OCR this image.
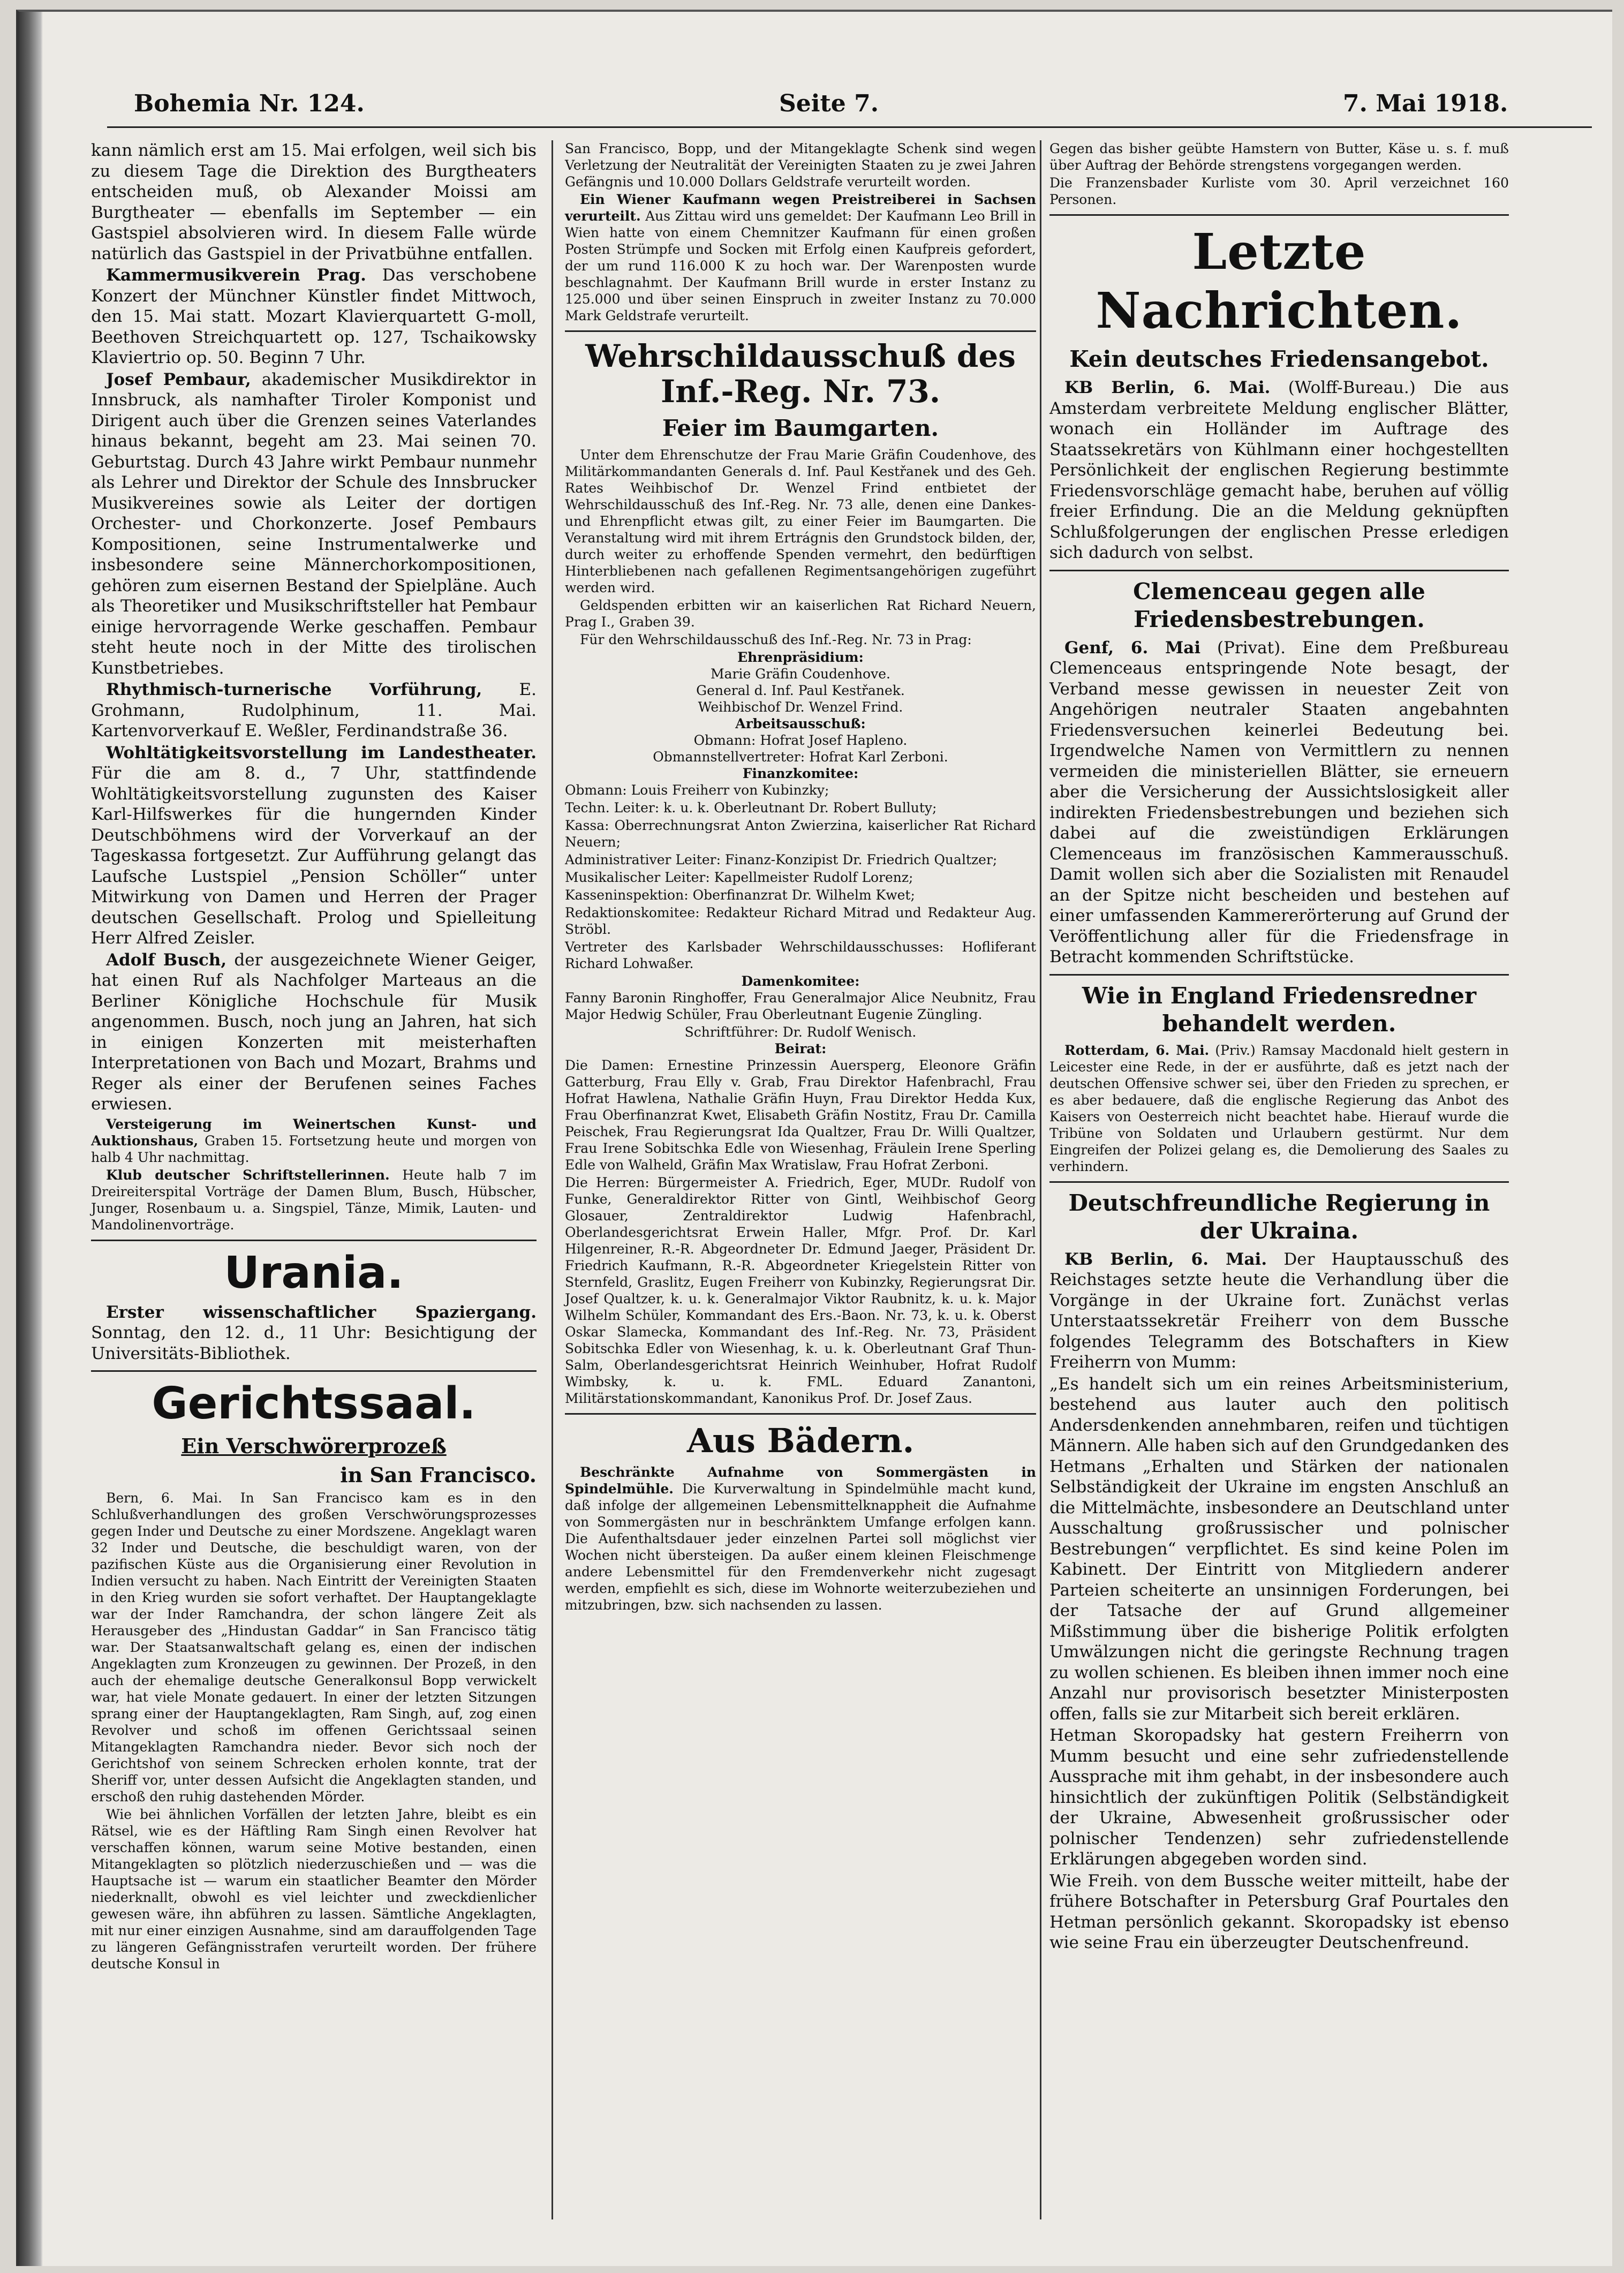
Bohemia Nr. 124.	Seite 7.	7. Mai 1918.

kann nämlich erst am 15. Mai erfolgen, weil sich bis zu diesem Tage die Direktion des Burgtheaters entscheiden muß, ob Alexander Moissi am Burgtheater — ebenfalls im September — ein Gastspiel absolvieren wird. In diesem Falle würde natürlich das Gastspiel in der Privatbühne entfallen.

Kammermusikverein Prag. Das verschobene Konzert der Münchner Künstler findet Mittwoch, den 15. Mai statt. Mozart Klavierquartett G-moll, Beethoven Streichquartett op. 127, Tschaikowsky Klaviertrio op. 50. Beginn 7 Uhr.

Josef Pembaur, akademischer Musikdirektor in Innsbruck, als namhafter Tiroler Komponist und Dirigent auch über die Grenzen seines Vaterlandes hinaus bekannt, begeht am 23. Mai seinen 70. Geburtstag. Durch 43 Jahre wirkt Pembaur nunmehr als Lehrer und Direktor der Schule des Innsbrucker Musikvereines sowie als Leiter der dortigen Orchester- und Chorkonzerte. Josef Pembaurs Kompositionen, seine Instrumentalwerke und insbesondere seine Männerchorkompositionen, gehören zum eisernen Bestand der Spielpläne. Auch als Theoretiker und Musikschriftsteller hat Pembaur einige hervorragende Werke geschaffen. Pembaur steht heute noch in der Mitte des tirolischen Kunstbetriebes.

Rhythmisch-turnerische Vorführung, E. Grohmann, Rudolphinum, 11. Mai. Kartenvorverkauf E. Weßler, Ferdinandstraße 36.

Wohltätigkeitsvorstellung im Landestheater. Für die am 8. d., 7 Uhr, stattfindende Wohltätigkeitsvorstellung zugunsten des Kaiser Karl-Hilfswerkes für die hungernden Kinder Deutschböhmens wird der Vorverkauf an der Tageskassa fortgesetzt. Zur Aufführung gelangt das Laufsche Lustspiel „Pension Schöller“ unter Mitwirkung von Damen und Herren der Prager deutschen Gesellschaft. Prolog und Spielleitung Herr Alfred Zeisler.

Adolf Busch, der ausgezeichnete Wiener Geiger, hat einen Ruf als Nachfolger Marteaus an die Berliner Königliche Hochschule für Musik angenommen. Busch, noch jung an Jahren, hat sich in einigen Konzerten mit meisterhaften Interpretationen von Bach und Mozart, Brahms und Reger als einer der Berufenen seines Faches erwiesen.

Versteigerung im Weinertschen Kunst- und Auktionshaus, Graben 15. Fortsetzung heute und morgen von halb 4 Uhr nachmittag.

Klub deutscher Schriftstellerinnen. Heute halb 7 im Dreireiterspital Vorträge der Damen Blum, Busch, Hübscher, Junger, Rosenbaum u. a. Singspiel, Tänze, Mimik, Lauten- und Mandolinenvorträge.

Urania.

Erster wissenschaftlicher Spaziergang. Sonntag, den 12. d., 11 Uhr: Besichtigung der Universitäts-Bibliothek.

Gerichtssaal.
Ein Verschwörerprozeß
in San Francisco.

Bern, 6. Mai. In San Francisco kam es in den Schlußverhandlungen des großen Verschwörungsprozesses gegen Inder und Deutsche zu einer Mordszene. Angeklagt waren 32 Inder und Deutsche, die beschuldigt waren, von der pazifischen Küste aus die Organisierung einer Revolution in Indien versucht zu haben. Nach Eintritt der Vereinigten Staaten in den Krieg wurden sie sofort verhaftet. Der Hauptangeklagte war der Inder Ramchandra, der schon längere Zeit als Herausgeber des „Hindustan Gaddar“ in San Francisco tätig war. Der Staatsanwaltschaft gelang es, einen der indischen Angeklagten zum Kronzeugen zu gewinnen. Der Prozeß, in den auch der ehemalige deutsche Generalkonsul Bopp verwickelt war, hat viele Monate gedauert. In einer der letzten Sitzungen sprang einer der Hauptangeklagten, Ram Singh, auf, zog einen Revolver und schoß im offenen Gerichtssaal seinen Mitangeklagten Ramchandra nieder. Bevor sich noch der Gerichtshof von seinem Schrecken erholen konnte, trat der Sheriff vor, unter dessen Aufsicht die Angeklagten standen, und erschoß den ruhig dastehenden Mörder.

Wie bei ähnlichen Vorfällen der letzten Jahre, bleibt es ein Rätsel, wie es der Häftling Ram Singh einen Revolver hat verschaffen können, warum seine Motive bestanden, einen Mitangeklagten so plötzlich niederzuschießen und — was die Hauptsache ist — warum ein staatlicher Beamter den Mörder niederknallt, obwohl es viel leichter und zweckdienlicher gewesen wäre, ihn abführen zu lassen. Sämtliche Angeklagten, mit nur einer einzigen Ausnahme, sind am darauffolgenden Tage zu längeren Gefängnisstrafen verurteilt worden. Der frühere deutsche Konsul in

San Francisco, Bopp, und der Mitangeklagte Schenk sind wegen Verletzung der Neutralität der Vereinigten Staaten zu je zwei Jahren Gefängnis und 10.000 Dollars Geldstrafe verurteilt worden.

Ein Wiener Kaufmann wegen Preistreiberei in Sachsen verurteilt. Aus Zittau wird uns gemeldet: Der Kaufmann Leo Brill in Wien hatte von einem Chemnitzer Kaufmann für einen großen Posten Strümpfe und Socken mit Erfolg einen Kaufpreis gefordert, der um rund 116.000 K zu hoch war. Der Warenposten wurde beschlagnahmt. Der Kaufmann Brill wurde in erster Instanz zu 125.000 und über seinen Einspruch in zweiter Instanz zu 70.000 Mark Geldstrafe verurteilt.

Wehrschildausschuß des Inf.-Reg. Nr. 73.
Feier im Baumgarten.

Unter dem Ehrenschutze der Frau Marie Gräfin Coudenhove, des Militärkommandanten Generals d. Inf. Paul Kestřanek und des Geh. Rates Weihbischof Dr. Wenzel Frind entbietet der Wehrschildausschuß des Inf.-Reg. Nr. 73 alle, denen eine Dankes- und Ehrenpflicht etwas gilt, zu einer Feier im Baumgarten. Die Veranstaltung wird mit ihrem Ertrágnis den Grundstock bilden, der, durch weiter zu erhoffende Spenden vermehrt, den bedürftigen Hinterbliebenen nach gefallenen Regimentsangehörigen zugeführt werden wird.

Geldspenden erbitten wir an kaiserlichen Rat Richard Neuern, Prag I., Graben 39.

Für den Wehrschildausschuß des Inf.-Reg. Nr. 73 in Prag:

Ehrenpräsidium:
Marie Gräfin Coudenhove.
General d. Inf. Paul Kestřanek.
Weihbischof Dr. Wenzel Frind.
Arbeitsausschuß:
Obmann: Hofrat Josef Hapleno.
Obmannstellvertreter: Hofrat Karl Zerboni.
Finanzkomitee:
Obmann: Louis Freiherr von Kubinzky;
Techn. Leiter: k. u. k. Oberleutnant Dr. Robert Bulluty;
Kassa: Oberrechnungsrat Anton Zwierzina, kaiserlicher Rat Richard Neuern;
Administrativer Leiter: Finanz-Konzipist Dr. Friedrich Qualtzer;
Musikalischer Leiter: Kapellmeister Rudolf Lorenz;
Kasseninspektion: Oberfinanzrat Dr. Wilhelm Kwet;
Redaktionskomitee: Redakteur Richard Mitrad und Redakteur Aug. Ströbl.
Vertreter des Karlsbader Wehrschildausschusses: Hofliferant Richard Lohwaßer.
Damenkomitee:
Fanny Baronin Ringhoffer, Frau Generalmajor Alice Neubnitz, Frau Major Hedwig Schüler, Frau Oberleutnant Eugenie Züngling.
Schriftführer: Dr. Rudolf Wenisch.
Beirat:
Die Damen: Ernestine Prinzessin Auersperg, Eleonore Gräfin Gatterburg, Frau Elly v. Grab, Frau Direktor Hafenbrachl, Frau Hofrat Hawlena, Nathalie Gräfin Huyn, Frau Direktor Hedda Kux, Frau Oberfinanzrat Kwet, Elisabeth Gräfin Nostitz, Frau Dr. Camilla Peischek, Frau Regierungsrat Ida Qualtzer, Frau Dr. Willi Qualtzer, Frau Irene Sobitschka Edle von Wiesenhag, Fräulein Irene Sperling Edle von Walheld, Gräfin Max Wratislaw, Frau Hofrat Zerboni.
Die Herren: Bürgermeister A. Friedrich, Eger, MUDr. Rudolf von Funke, Generaldirektor Ritter von Gintl, Weihbischof Georg Glosauer, Zentraldirektor Ludwig Hafenbrachl, Oberlandesgerichtsrat Erwein Haller, Mfgr. Prof. Dr. Karl Hilgenreiner, R.-R. Abgeordneter Dr. Edmund Jaeger, Präsident Dr. Friedrich Kaufmann, R.-R. Abgeordneter Kriegelstein Ritter von Sternfeld, Graslitz, Eugen Freiherr von Kubinzky, Regierungsrat Dir. Josef Qualtzer, k. u. k. Generalmajor Viktor Raubnitz, k. u. k. Major Wilhelm Schüler, Kommandant des Ers.-Baon. Nr. 73, k. u. k. Oberst Oskar Slamecka, Kommandant des Inf.-Reg. Nr. 73, Präsident Sobitschka Edler von Wiesenhag, k. u. k. Oberleutnant Graf Thun-Salm, Oberlandesgerichtsrat Heinrich Weinhuber, Hofrat Rudolf Wimbsky, k. u. k. FML. Eduard Zanantoni, Militärstationskommandant, Kanonikus Prof. Dr. Josef Zaus.
Aus Bädern.

Beschränkte Aufnahme von Sommergästen in Spindelmühle. Die Kurverwaltung in Spindelmühle macht kund, daß infolge der allgemeinen Lebensmittelknappheit die Aufnahme von Sommergästen nur in beschränktem Umfange erfolgen kann. Die Aufenthaltsdauer jeder einzelnen Partei soll möglichst vier Wochen nicht übersteigen. Da außer einem kleinen Fleischmenge andere Lebensmittel für den Fremdenverkehr nicht zugesagt werden, empfiehlt es sich, diese im Wohnorte weiterzubeziehen und mitzubringen, bzw. sich nachsenden zu lassen.

Gegen das bisher geübte Hamstern von Butter, Käse u. s. f. muß über Auftrag der Behörde strengstens vorgegangen werden.

Die Franzensbader Kurliste vom 30. April verzeichnet 160 Personen.

Letzte Nachrichten.
Kein deutsches Friedensangebot.

KB Berlin, 6. Mai. (Wolff-Bureau.) Die aus Amsterdam verbreitete Meldung englischer Blätter, wonach ein Holländer im Auftrage des Staatssekretärs von Kühlmann einer hochgestellten Persönlichkeit der englischen Regierung bestimmte Friedensvorschläge gemacht habe, beruhen auf völlig freier Erfindung. Die an die Meldung geknüpften Schlußfolgerungen der englischen Presse erledigen sich dadurch von selbst.

Clemenceau gegen alle Friedensbestrebungen.

Genf, 6. Mai (Privat). Eine dem Preßbureau Clemenceaus entspringende Note besagt, der Verband messe gewissen in neuester Zeit von Angehörigen neutraler Staaten angebahnten Friedensversuchen keinerlei Bedeutung bei. Irgendwelche Namen von Vermittlern zu nennen vermeiden die ministeriellen Blätter, sie erneuern aber die Versicherung der Aussichtslosigkeit aller indirekten Friedensbestrebungen und beziehen sich dabei auf die zweistündigen Erklärungen Clemenceaus im französischen Kammerausschuß. Damit wollen sich aber die Sozialisten mit Renaudel an der Spitze nicht bescheiden und bestehen auf einer umfassenden Kammererörterung auf Grund der Veröffentlichung aller für die Friedensfrage in Betracht kommenden Schriftstücke.

Wie in England Friedensredner behandelt werden.

Rotterdam, 6. Mai. (Priv.) Ramsay Macdonald hielt gestern in Leicester eine Rede, in der er ausführte, daß es jetzt nach der deutschen Offensive schwer sei, über den Frieden zu sprechen, er es aber bedauere, daß die englische Regierung das Anbot des Kaisers von Oesterreich nicht beachtet habe. Hierauf wurde die Tribüne von Soldaten und Urlaubern gestürmt. Nur dem Eingreifen der Polizei gelang es, die Demolierung des Saales zu verhindern.

Deutschfreundliche Regierung in der Ukraina.

KB Berlin, 6. Mai. Der Hauptausschuß des Reichstages setzte heute die Verhandlung über die Vorgänge in der Ukraine fort. Zunächst verlas Unterstaatssekretär Freiherr von dem Bussche folgendes Telegramm des Botschafters in Kiew Freiherrn von Mumm:

„Es handelt sich um ein reines Arbeitsministerium, bestehend aus lauter auch den politisch Andersdenkenden annehmbaren, reifen und tüchtigen Männern. Alle haben sich auf den Grundgedanken des Hetmans „Erhalten und Stärken der nationalen Selbständigkeit der Ukraine im engsten Anschluß an die Mittelmächte, insbesondere an Deutschland unter Ausschaltung großrussischer und polnischer Bestrebungen“ verpflichtet. Es sind keine Polen im Kabinett. Der Eintritt von Mitgliedern anderer Parteien scheiterte an unsinnigen Forderungen, bei der Tatsache der auf Grund allgemeiner Mißstimmung über die bisherige Politik erfolgten Umwälzungen nicht die geringste Rechnung tragen zu wollen schienen. Es bleiben ihnen immer noch eine Anzahl nur provisorisch besetzter Ministerposten offen, falls sie zur Mitarbeit sich bereit erklären.

Hetman Skoropadsky hat gestern Freiherrn von Mumm besucht und eine sehr zufriedenstellende Aussprache mit ihm gehabt, in der insbesondere auch hinsichtlich der zukünftigen Politik (Selbständigkeit der Ukraine, Abwesenheit großrussischer oder polnischer Tendenzen) sehr zufriedenstellende Erklärungen abgegeben worden sind.

Wie Freih. von dem Bussche weiter mitteilt, habe der frühere Botschafter in Petersburg Graf Pourtales den Hetman persönlich gekannt. Skoropadsky ist ebenso wie seine Frau ein überzeugter Deutschenfreund.
